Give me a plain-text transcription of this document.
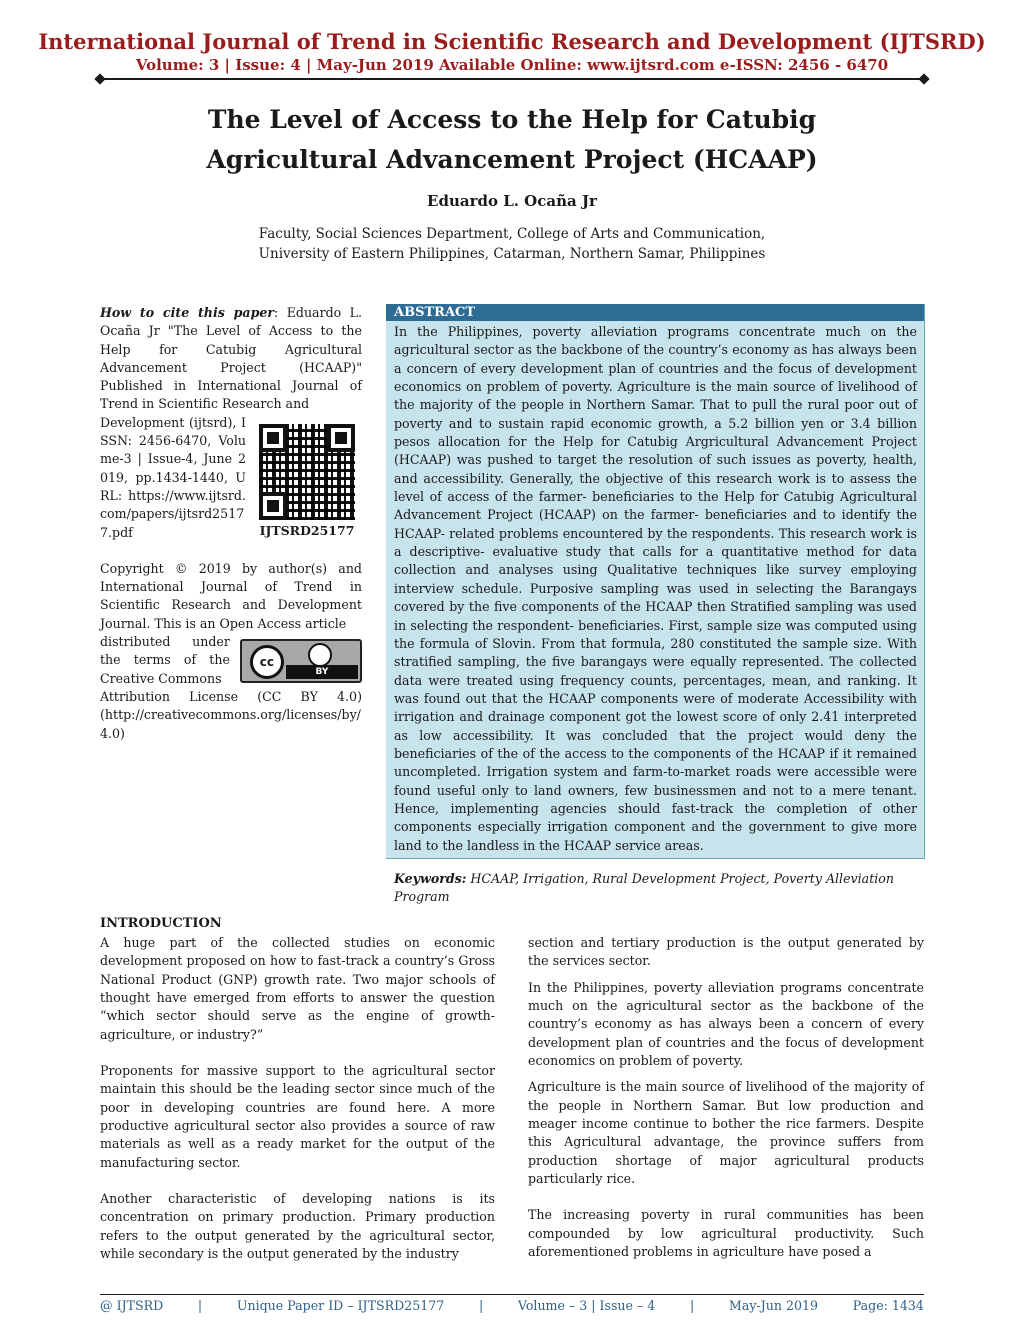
International Journal of Trend in Scientific Research and Development (IJTSRD)
Volume: 3 | Issue: 4 | May-Jun 2019 Available Online: www.ijtsrd.com e-ISSN: 2456 - 6470
The Level of Access to the Help for Catubig
Agricultural Advancement Project (HCAAP)
Eduardo L. Ocaña Jr
Faculty, Social Sciences Department, College of Arts and Communication,
University of Eastern Philippines, Catarman, Northern Samar, Philippines

How to cite this paper: Eduardo L. Ocaña Jr "The Level of Access to the Help for Catubig Agricultural Advancement Project (HCAAP)" Published in International Journal of Trend in Scientific Research and

Development (ijtsrd), ISSN: 2456-6470, Volume-3 | Issue-4, June 2019, pp.1434-1440, URL: https://www.ijtsrd.com/papers/ijtsrd25177.pdf	IJTSRD25177

Copyright © 2019 by author(s) and International Journal of Trend in Scientific Research and Development Journal. This is an Open Access article

distributed under the terms of the Creative Commons
cc
BY

Attribution License (CC BY 4.0) (http://creativecommons.org/licenses/by/4.0)

ABSTRACT
In the Philippines, poverty alleviation programs concentrate much on the agricultural sector as the backbone of the country’s economy as has always been a concern of every development plan of countries and the focus of development economics on problem of poverty. Agriculture is the main source of livelihood of the majority of the people in Northern Samar. That to pull the rural poor out of poverty and to sustain rapid economic growth, a 5.2 billion yen or 3.4 billion pesos allocation for the Help for Catubig Argricultural Advancement Project (HCAAP) was pushed to target the resolution of such issues as poverty, health, and accessibility. Generally, the objective of this research work is to assess the level of access of the farmer- beneficiaries to the Help for Catubig Agricultural Advancement Project (HCAAP) on the farmer- beneficiaries and to identify the HCAAP- related problems encountered by the respondents. This research work is a descriptive- evaluative study that calls for a quantitative method for data collection and analyses using Qualitative techniques like survey employing interview schedule. Purposive sampling was used in selecting the Barangays covered by the five components of the HCAAP then Stratified sampling was used in selecting the respondent- beneficiaries. First, sample size was computed using the formula of Slovin. From that formula, 280 constituted the sample size. With stratified sampling, the five barangays were equally represented. The collected data were treated using frequency counts, percentages, mean, and ranking. It was found out that the HCAAP components were of moderate Accessibility with irrigation and drainage component got the lowest score of only 2.41 interpreted as low accessibility. It was concluded that the project would deny the beneficiaries of the of the access to the components of the HCAAP if it remained uncompleted. Irrigation system and farm-to-market roads were accessible were found useful only to land owners, few businessmen and not to a mere tenant. Hence, implementing agencies should fast-track the completion of other components especially irrigation component and the government to give more land to the landless in the HCAAP service areas.
Keywords: HCAAP, Irrigation, Rural Development Project, Poverty Alleviation Program
INTRODUCTION

A huge part of the collected studies on economic development proposed on how to fast-track a country’s Gross National Product (GNP) growth rate. Two major schools of thought have emerged from efforts to answer the question “which sector should serve as the engine of growth- agriculture, or industry?”

Proponents for massive support to the agricultural sector maintain this should be the leading sector since much of the poor in developing countries are found here. A more productive agricultural sector also provides a source of raw materials as well as a ready market for the output of the manufacturing sector.

Another characteristic of developing nations is its concentration on primary production. Primary production refers to the output generated by the agricultural sector, while secondary is the output generated by the industry

section and tertiary production is the output generated by the services sector.

In the Philippines, poverty alleviation programs concentrate much on the agricultural sector as the backbone of the country’s economy as has always been a concern of every development plan of countries and the focus of development economics on problem of poverty.

Agriculture is the main source of livelihood of the majority of the people in Northern Samar. But low production and meager income continue to bother the rice farmers. Despite this Agricultural advantage, the province suffers from production shortage of major agricultural products particularly rice.

The increasing poverty in rural communities has been compounded by low agricultural productivity. Such aforementioned problems in agriculture have posed a

@ IJTSRD	|	Unique Paper ID – IJTSRD25177	|	Volume – 3 | Issue – 4	|	May-Jun 2019	Page: 1434
